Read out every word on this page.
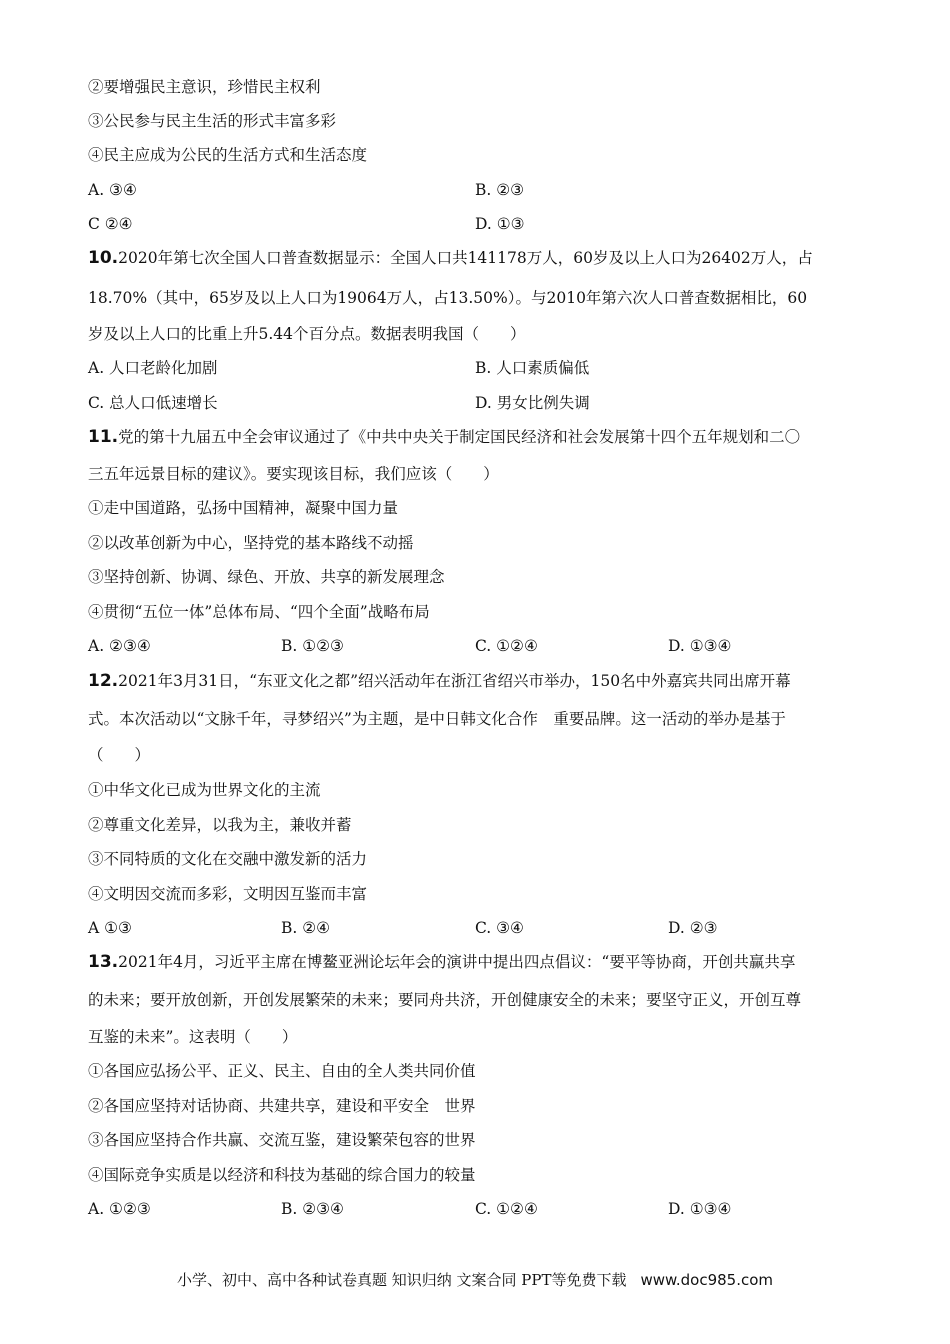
②要增强民主意识，珍惜民主权利
③公民参与民主生活的形式丰富多彩
④民主应成为公民的生活方式和生活态度
A. ③④	B. ②③
C ②④	D. ①③
10.2020年第七次全国人口普查数据显示：全国人口共141178万人，60岁及以上人口为26402万人，占
18.70%（其中，65岁及以上人口为19064万人，占13.50%）。与2010年第六次人口普查数据相比，60
岁及以上人口的比重上升5.44个百分点。数据表明我国（　　）
A. 人口老龄化加剧	B. 人口素质偏低
C. 总人口低速增长	D. 男女比例失调
11.党的第十九届五中全会审议通过了《中共中央关于制定国民经济和社会发展第十四个五年规划和二〇
三五年远景目标的建议》。要实现该目标，我们应该（　　）
①走中国道路，弘扬中国精神，凝聚中国力量
②以改革创新为中心，坚持党的基本路线不动摇
③坚持创新、协调、绿色、开放、共享的新发展理念
④贯彻“五位一体”总体布局、“四个全面”战略布局
A. ②③④	B. ①②③	C. ①②④	D. ①③④
12.2021年3月31日，“东亚文化之都”绍兴活动年在浙江省绍兴市举办，150名中外嘉宾共同出席开幕
式。本次活动以“文脉千年，寻梦绍兴”为主题，是中日韩文化合作　重要品牌。这一活动的举办是基于
（　　）
①中华文化已成为世界文化的主流
②尊重文化差异，以我为主，兼收并蓄
③不同特质的文化在交融中激发新的活力
④文明因交流而多彩，文明因互鉴而丰富
A ①③	B. ②④	C. ③④	D. ②③
13.2021年4月，习近平主席在博鳌亚洲论坛年会的演讲中提出四点倡议：“要平等协商，开创共赢共享
的未来；要开放创新，开创发展繁荣的未来；要同舟共济，开创健康安全的未来；要坚守正义，开创互尊
互鉴的未来”。这表明（　　）
①各国应弘扬公平、正义、民主、自由的全人类共同价值
②各国应坚持对话协商、共建共享，建设和平安全　世界
③各国应坚持合作共赢、交流互鉴，建设繁荣包容的世界
④国际竞争实质是以经济和科技为基础的综合国力的较量
A. ①②③	B. ②③④	C. ①②④	D. ①③④
小学、初中、高中各种试卷真题 知识归纳 文案合同 PPT等免费下载 www.doc985.com
